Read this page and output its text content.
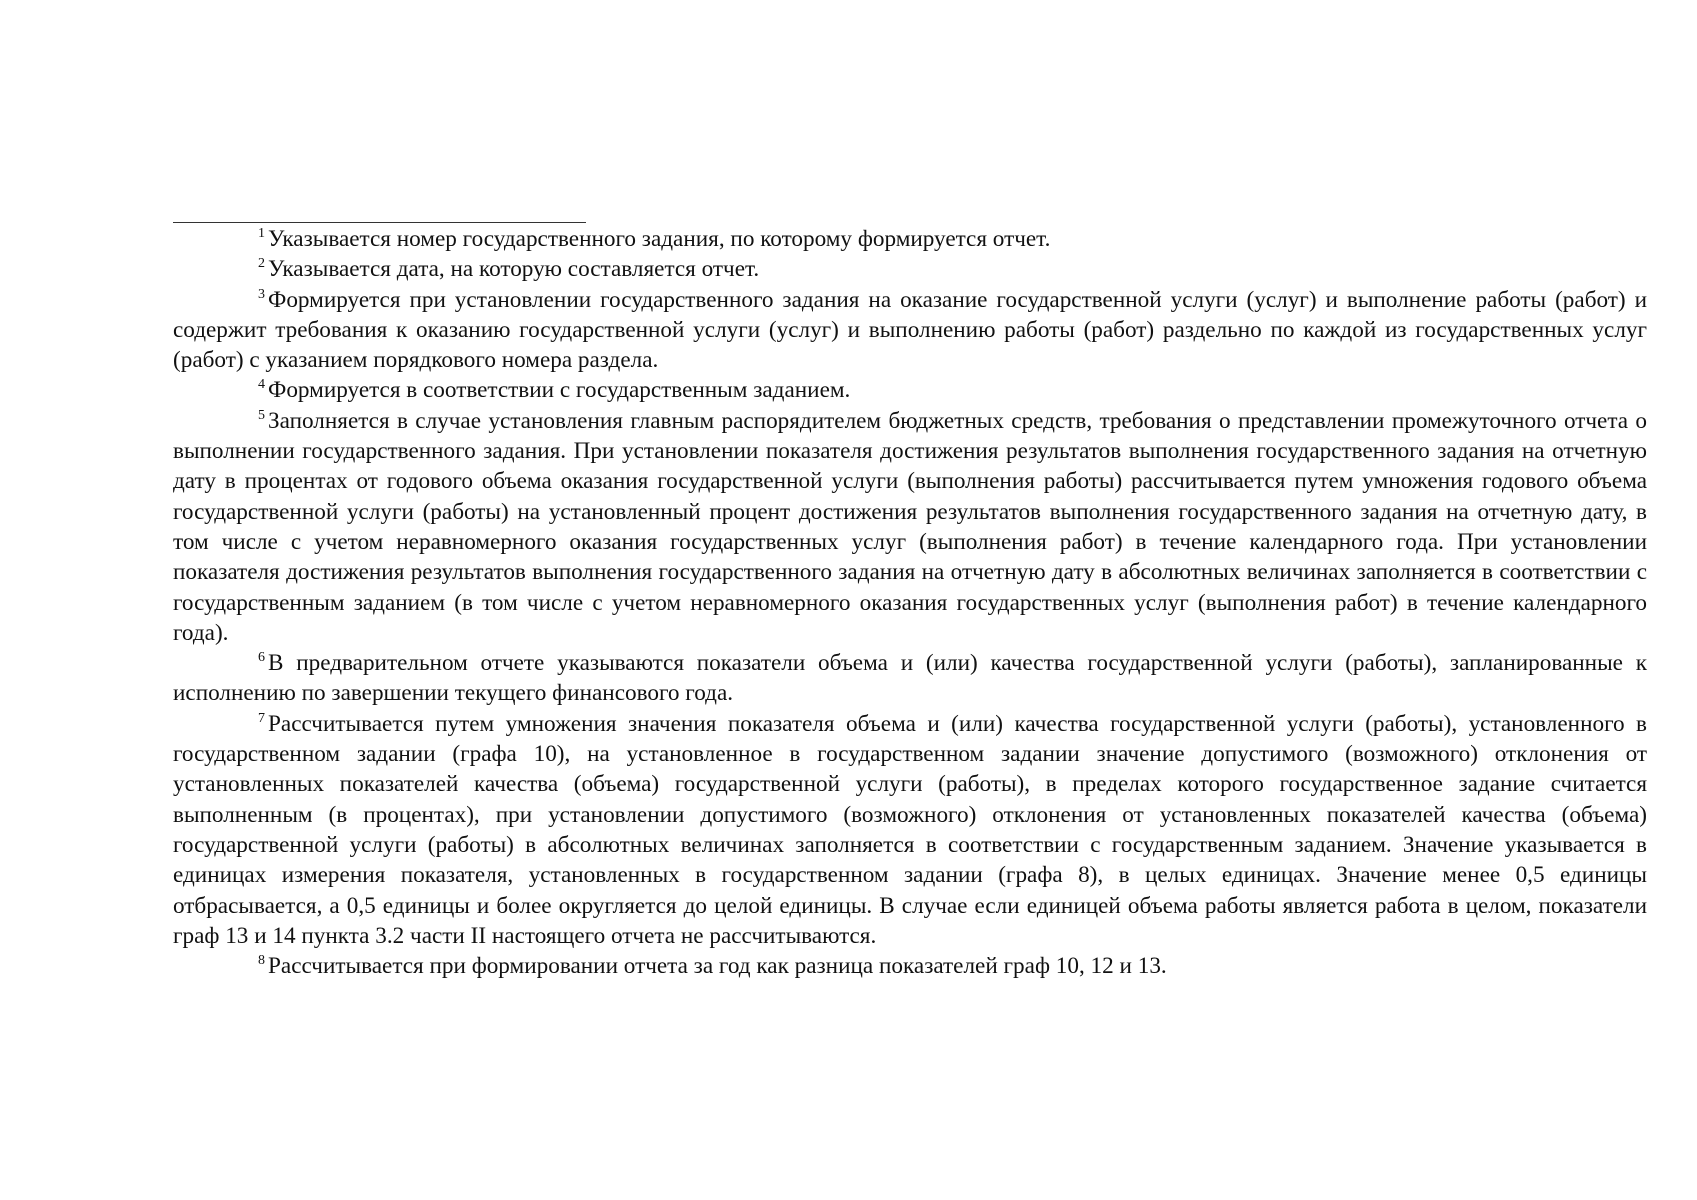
$^1$ Указывается номер государственного задания, по которому формируется отчет.

$^2$ Указывается дата, на которую составляется отчет.

$^3$ Формируется при установлении государственного задания на оказание государственной услуги (услуг) и выполнение работы (работ) и содержит требования к оказанию государственной услуги (услуг) и выполнению работы (работ) раздельно по каждой из государственных услуг (работ) с указанием порядкового номера раздела.

$^4$ Формируется в соответствии с государственным заданием.

$^5$ Заполняется в случае установления главным распорядителем бюджетных средств, требования о представлении промежуточного отчета о выполнении государственного задания. При установлении показателя достижения результатов выполнения государственного задания на отчетную дату в процентах от годового объема оказания государственной услуги (выполнения работы) рассчитывается путем умножения годового объема государственной услуги (работы) на установленный процент достижения результатов выполнения государственного задания на отчетную дату, в том числе с учетом неравномерного оказания государственных услуг (выполнения работ) в течение календарного года. При установлении показателя достижения результатов выполнения государственного задания на отчетную дату в абсолютных величинах заполняется в соответствии с государственным заданием (в том числе с учетом неравномерного оказания государственных услуг (выполнения работ) в течение календарного года).

$^6$ В предварительном отчете указываются показатели объема и (или) качества государственной услуги (работы), запланированные к исполнению по завершении текущего финансового года.

$^7$ Рассчитывается путем умножения значения показателя объема и (или) качества государственной услуги (работы), установленного в государственном задании (графа 10), на установленное в государственном задании значение допустимого (возможного) отклонения от установленных показателей качества (объема) государственной услуги (работы), в пределах которого государственное задание считается выполненным (в процентах), при установлении допустимого (возможного) отклонения от установленных показателей качества (объема) государственной услуги (работы) в абсолютных величинах заполняется в соответствии с государственным заданием. Значение указывается в единицах измерения показателя, установленных в государственном задании (графа 8), в целых единицах. Значение менее 0,5 единицы отбрасывается, а 0,5 единицы и более округляется до целой единицы. В случае если единицей объема работы является работа в целом, показатели граф 13 и 14 пункта 3.2 части II настоящего отчета не рассчитываются.

$^8$ Рассчитывается при формировании отчета за год как разница показателей граф 10, 12 и 13.
